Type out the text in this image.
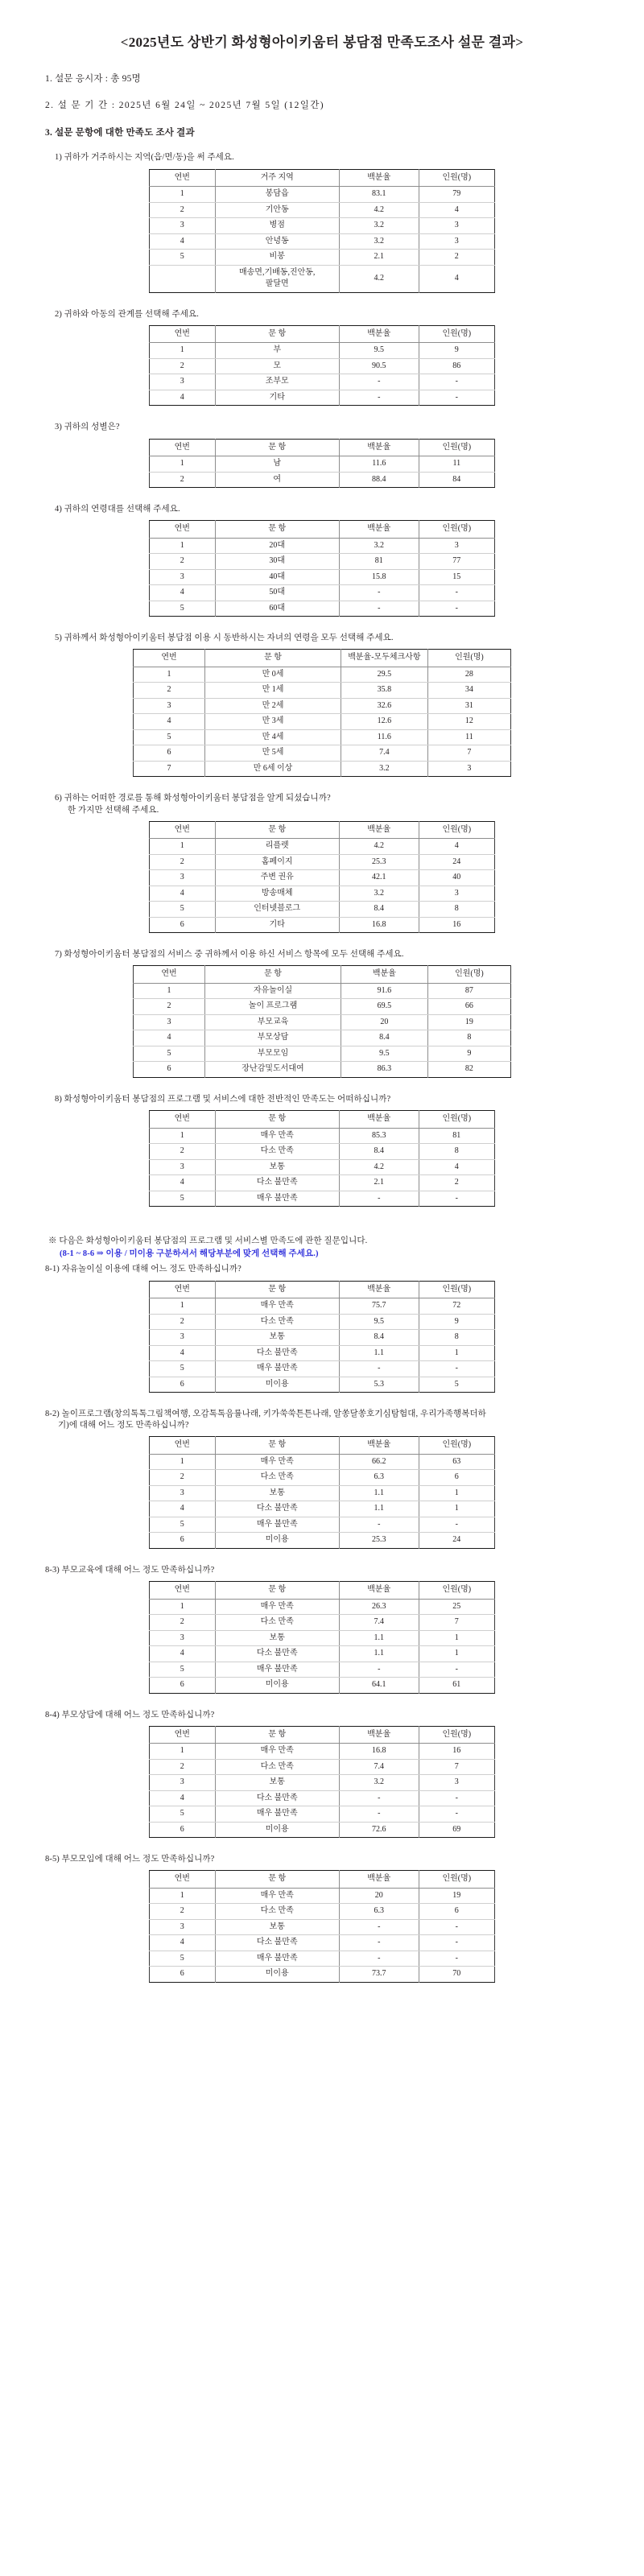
<2025년도 상반기 화성형아이키움터 봉담점 만족도조사 설문 결과>
1. 설문 응시자 : 총 95명
2. 설 문 기 간 : 2025년 6월 24일 ~ 2025년 7월 5일 (12일간)
3. 설문 문항에 대한 만족도 조사 결과
1) 귀하가 거주하시는 지역(읍/면/동)을 써 주세요.
연번	거주 지역	백분율	인원(명)
1	봉담읍	83.1	79
2	기안동	4.2	4
3	병점	3.2	3
4	안녕동	3.2	3
5	비봉	2.1	2
	매송면,기배동,진안동,
팔달면	4.2	4
2) 귀하와 아동의 관계를 선택해 주세요.
연번	문 항	백분율	인원(명)
1	부	9.5	9
2	모	90.5	86
3	조부모	-	-
4	기타	-	-
3) 귀하의 성별은?
연번	문 항	백분율	인원(명)
1	남	11.6	11
2	여	88.4	84
4) 귀하의 연령대를 선택해 주세요.
연번	문 항	백분율	인원(명)
1	20대	3.2	3
2	30대	81	77
3	40대	15.8	15
4	50대	-	-
5	60대	-	-
5) 귀하께서 화성형아이키움터 봉담점 이용 시 동반하시는 자녀의 연령을 모두 선택해 주세요.
연번	문 항	백분율-모두체크사항	인원(명)
1	만 0세	29.5	28
2	만 1세	35.8	34
3	만 2세	32.6	31
4	만 3세	12.6	12
5	만 4세	11.6	11
6	만 5세	7.4	7
7	만 6세 이상	3.2	3
6) 귀하는 어떠한 경로를 통해 화성형아이키움터 봉담점을 알게 되셨습니까?
한 가지만 선택해 주세요.
연번	문 항	백분율	인원(명)
1	리플렛	4.2	4
2	홈페이지	25.3	24
3	주변 권유	42.1	40
4	방송매체	3.2	3
5	인터넷블로그	8.4	8
6	기타	16.8	16
7) 화성형아이키움터 봉담점의 서비스 중 귀하께서 이용 하신 서비스 항목에 모두 선택해 주세요.
연번	문 항	백분율	인원(명)
1	자유놀이실	91.6	87
2	놀이 프로그램	69.5	66
3	부모교육	20	19
4	부모상담	8.4	8
5	부모모임	9.5	9
6	장난감및도서대여	86.3	82
8) 화성형아이키움터 봉담점의 프로그램 및 서비스에 대한 전반적인 만족도는 어떠하십니까?
연번	문 항	백분율	인원(명)
1	매우 만족	85.3	81
2	다소 만족	8.4	8
3	보통	4.2	4
4	다소 불만족	2.1	2
5	매우 불만족	-	-
※ 다음은 화성형아이키움터 봉담점의 프로그램 및 서비스별 만족도에 관한 질문입니다.
(8-1 ~ 8-6 ⇒ 이용 / 미이용 구분하셔서 해당부분에 맞게 선택해 주세요.)
8-1) 자유놀이실 이용에 대해 어느 정도 만족하십니까?
연번	문 항	백분율	인원(명)
1	매우 만족	75.7	72
2	다소 만족	9.5	9
3	보통	8.4	8
4	다소 불만족	1.1	1
5	매우 불만족	-	-
6	미이용	5.3	5
8-2) 놀이프로그램(창의톡톡그림책여행, 오감톡톡음률나래, 키가쑥쑥튼튼나래, 알쏭달쏭호기심탐험대, 우리가족행복더하
기)에 대해 어느 정도 만족하십니까?
연번	문 항	백분율	인원(명)
1	매우 만족	66.2	63
2	다소 만족	6.3	6
3	보통	1.1	1
4	다소 불만족	1.1	1
5	매우 불만족	-	-
6	미이용	25.3	24
8-3) 부모교육에 대해 어느 정도 만족하십니까?
연번	문 항	백분율	인원(명)
1	매우 만족	26.3	25
2	다소 만족	7.4	7
3	보통	1.1	1
4	다소 불만족	1.1	1
5	매우 불만족	-	-
6	미이용	64.1	61
8-4) 부모상담에 대해 어느 정도 만족하십니까?
연번	문 항	백분율	인원(명)
1	매우 만족	16.8	16
2	다소 만족	7.4	7
3	보통	3.2	3
4	다소 불만족	-	-
5	매우 불만족	-	-
6	미이용	72.6	69
8-5) 부모모임에 대해 어느 정도 만족하십니까?
연번	문 항	백분율	인원(명)
1	매우 만족	20	19
2	다소 만족	6.3	6
3	보통	-	-
4	다소 불만족	-	-
5	매우 불만족	-	-
6	미이용	73.7	70
